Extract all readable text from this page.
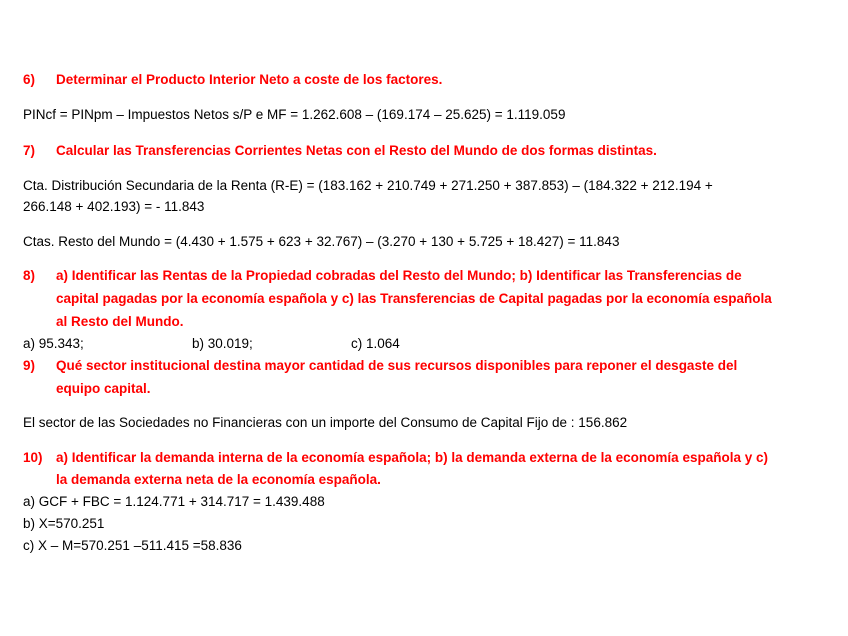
6) Determinar el Producto Interior Neto a coste de los factores.
PINcf = PINpm – Impuestos Netos s/P e MF = 1.262.608 – (169.174 – 25.625) = 1.119.059
7) Calcular las Transferencias Corrientes Netas con el Resto del Mundo de dos formas distintas.
Cta. Distribución Secundaria de la Renta (R-E) = (183.162 + 210.749 + 271.250 + 387.853) – (184.322 + 212.194 +
266.148 + 402.193) = - 11.843
Ctas. Resto del Mundo = (4.430 + 1.575 + 623 + 32.767) – (3.270 + 130 + 5.725 + 18.427) = 11.843
8) a) Identificar las Rentas de la Propiedad cobradas del Resto del Mundo; b) Identificar las Transferencias de
capital pagadas por la economía española y c) las Transferencias de Capital pagadas por la economía española
al Resto del Mundo.
a) 95.343;	b) 30.019;	c) 1.064
9) Qué sector institucional destina mayor cantidad de sus recursos disponibles para reponer el desgaste del
equipo capital.
El sector de las Sociedades no Financieras con un importe del Consumo de Capital Fijo de : 156.862
10) a) Identificar la demanda interna de la economía española; b) la demanda externa de la economía española y c)
la demanda externa neta de la economía española.
a) GCF + FBC = 1.124.771 + 314.717 = 1.439.488
b) X=570.251
c) X – M=570.251 –511.415 =58.836
